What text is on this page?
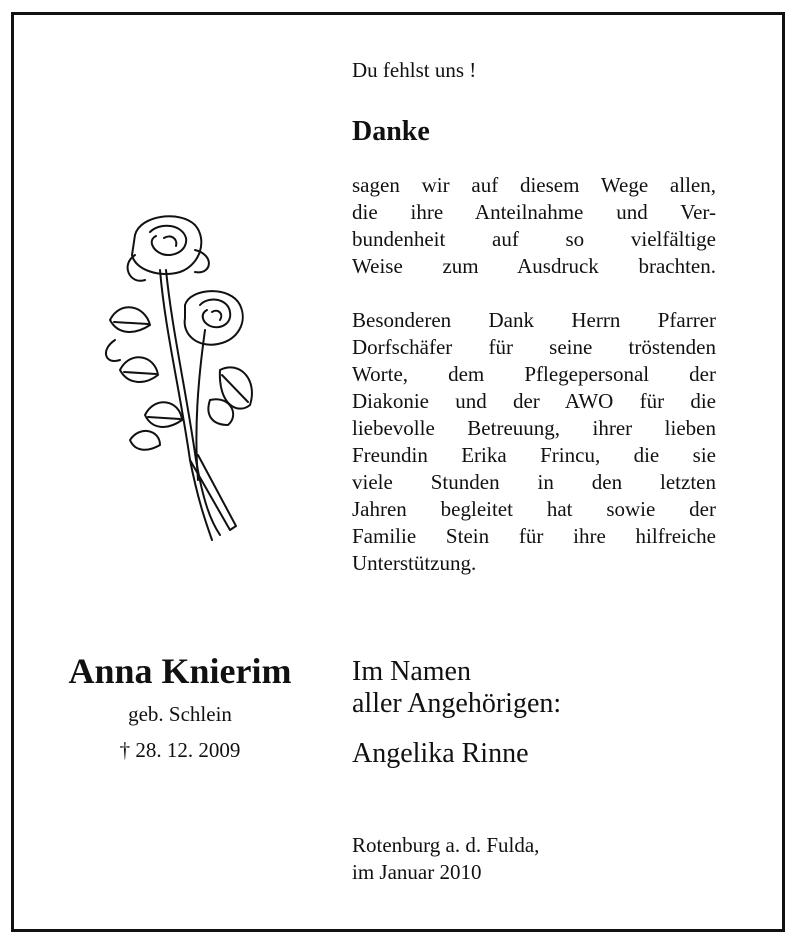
Du fehlst uns !
Danke
sagen wir auf diesem Wege allen,
die ihre Anteilnahme und Ver-
bundenheit auf so vielfältige
Weise zum Ausdruck brachten.
Besonderen Dank Herrn Pfarrer
Dorfschäfer für seine tröstenden
Worte, dem Pflegepersonal der
Diakonie und der AWO für die
liebevolle Betreuung, ihrer lieben
Freundin Erika Frincu, die sie
viele Stunden in den letzten
Jahren begleitet hat sowie der
Familie Stein für ihre hilfreiche
Unterstützung.
Im Namen
aller Angehörigen:
Angelika Rinne
Rotenburg a. d. Fulda,
im Januar 2010
Anna Knierim
geb. Schlein
† 28. 12. 2009
